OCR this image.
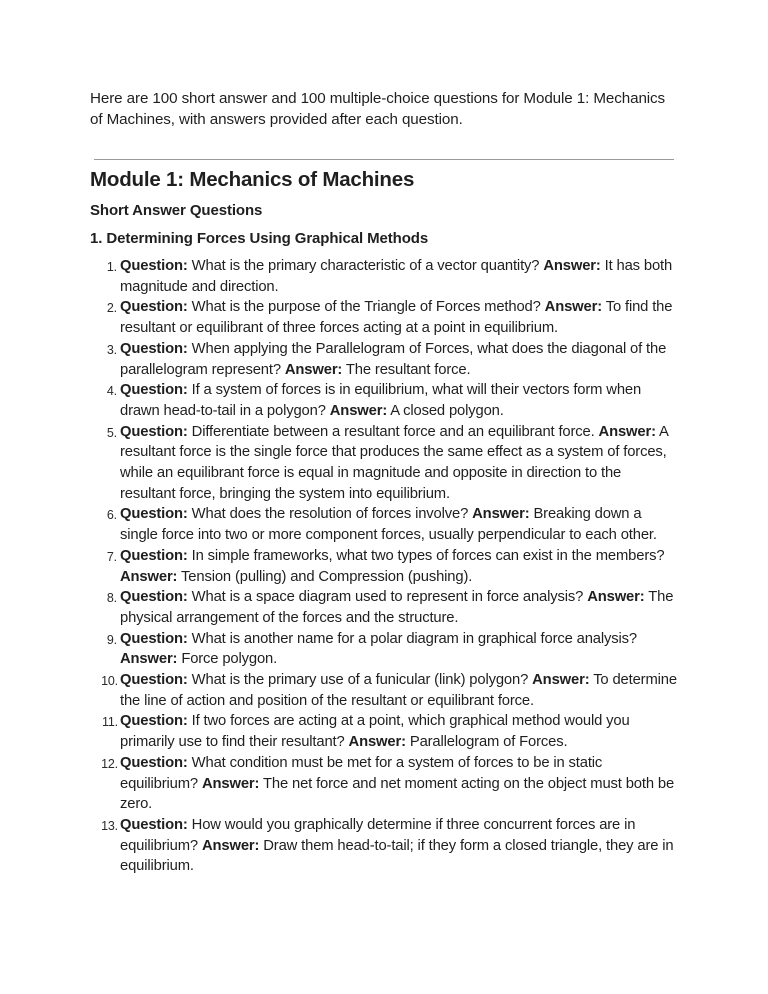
Here are 100 short answer and 100 multiple-choice questions for Module 1: Mechanics of Machines, with answers provided after each question.

Module 1: Mechanics of Machines
Short Answer Questions
1. Determining Forces Using Graphical Methods
1. Question: What is the primary characteristic of a vector quantity? Answer: It has both magnitude and direction.
2. Question: What is the purpose of the Triangle of Forces method? Answer: To find the resultant or equilibrant of three forces acting at a point in equilibrium.
3. Question: When applying the Parallelogram of Forces, what does the diagonal of the parallelogram represent? Answer: The resultant force.
4. Question: If a system of forces is in equilibrium, what will their vectors form when drawn head-to-tail in a polygon? Answer: A closed polygon.
5. Question: Differentiate between a resultant force and an equilibrant force. Answer: A resultant force is the single force that produces the same effect as a system of forces, while an equilibrant force is equal in magnitude and opposite in direction to the resultant force, bringing the system into equilibrium.
6. Question: What does the resolution of forces involve? Answer: Breaking down a single force into two or more component forces, usually perpendicular to each other.
7. Question: In simple frameworks, what two types of forces can exist in the members? Answer: Tension (pulling) and Compression (pushing).
8. Question: What is a space diagram used to represent in force analysis? Answer: The physical arrangement of the forces and the structure.
9. Question: What is another name for a polar diagram in graphical force analysis? Answer: Force polygon.
10. Question: What is the primary use of a funicular (link) polygon? Answer: To determine the line of action and position of the resultant or equilibrant force.
11. Question: If two forces are acting at a point, which graphical method would you primarily use to find their resultant? Answer: Parallelogram of Forces.
12. Question: What condition must be met for a system of forces to be in static equilibrium? Answer: The net force and net moment acting on the object must both be zero.
13. Question: How would you graphically determine if three concurrent forces are in equilibrium? Answer: Draw them head-to-tail; if they form a closed triangle, they are in equilibrium.
